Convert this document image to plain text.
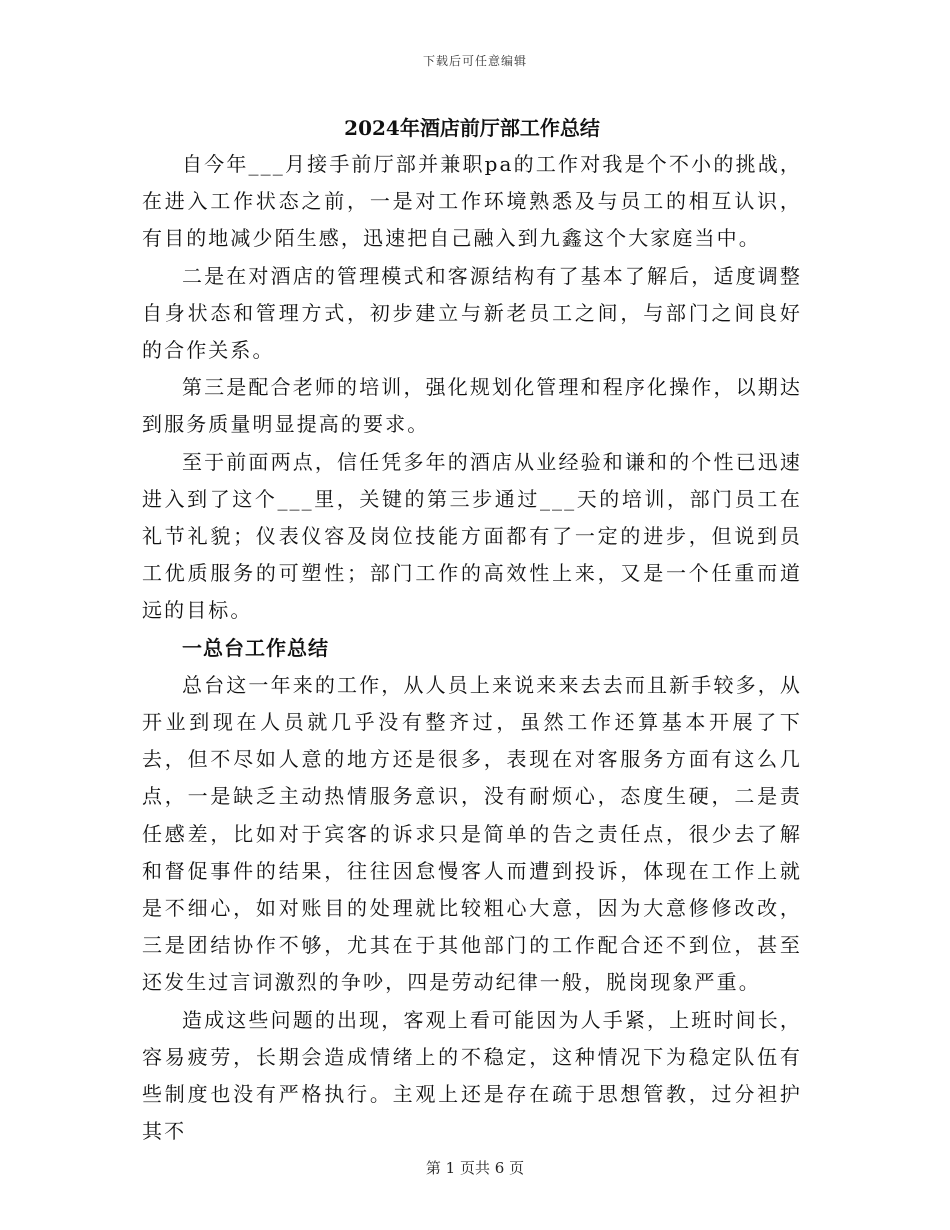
下载后可任意编辑
2024年酒店前厅部工作总结

自今年___月接手前厅部并兼职pa的工作对我是个不小的挑战，在进入工作状态之前，一是对工作环境熟悉及与员工的相互认识，有目的地减少陌生感，迅速把自己融入到九鑫这个大家庭当中。

二是在对酒店的管理模式和客源结构有了基本了解后，适度调整自身状态和管理方式，初步建立与新老员工之间，与部门之间良好的合作关系。

第三是配合老师的培训，强化规划化管理和程序化操作，以期达到服务质量明显提高的要求。

至于前面两点，信任凭多年的酒店从业经验和谦和的个性已迅速进入到了这个___里，关键的第三步通过___天的培训，部门员工在礼节礼貌；仪表仪容及岗位技能方面都有了一定的进步，但说到员工优质服务的可塑性；部门工作的高效性上来，又是一个任重而道远的目标。

一总台工作总结

总台这一年来的工作，从人员上来说来来去去而且新手较多，从开业到现在人员就几乎没有整齐过，虽然工作还算基本开展了下去，但不尽如人意的地方还是很多，表现在对客服务方面有这么几点，一是缺乏主动热情服务意识，没有耐烦心，态度生硬，二是责任感差，比如对于宾客的诉求只是简单的告之责任点，很少去了解和督促事件的结果，往往因怠慢客人而遭到投诉，体现在工作上就是不细心，如对账目的处理就比较粗心大意，因为大意修修改改，三是团结协作不够，尤其在于其他部门的工作配合还不到位，甚至还发生过言词激烈的争吵，四是劳动纪律一般，脱岗现象严重。

造成这些问题的出现，客观上看可能因为人手紧，上班时间长，容易疲劳，长期会造成情绪上的不稳定，这种情况下为稳定队伍有些制度也没有严格执行。主观上还是存在疏于思想管教，过分袒护其不

第 1 页共 6 页
